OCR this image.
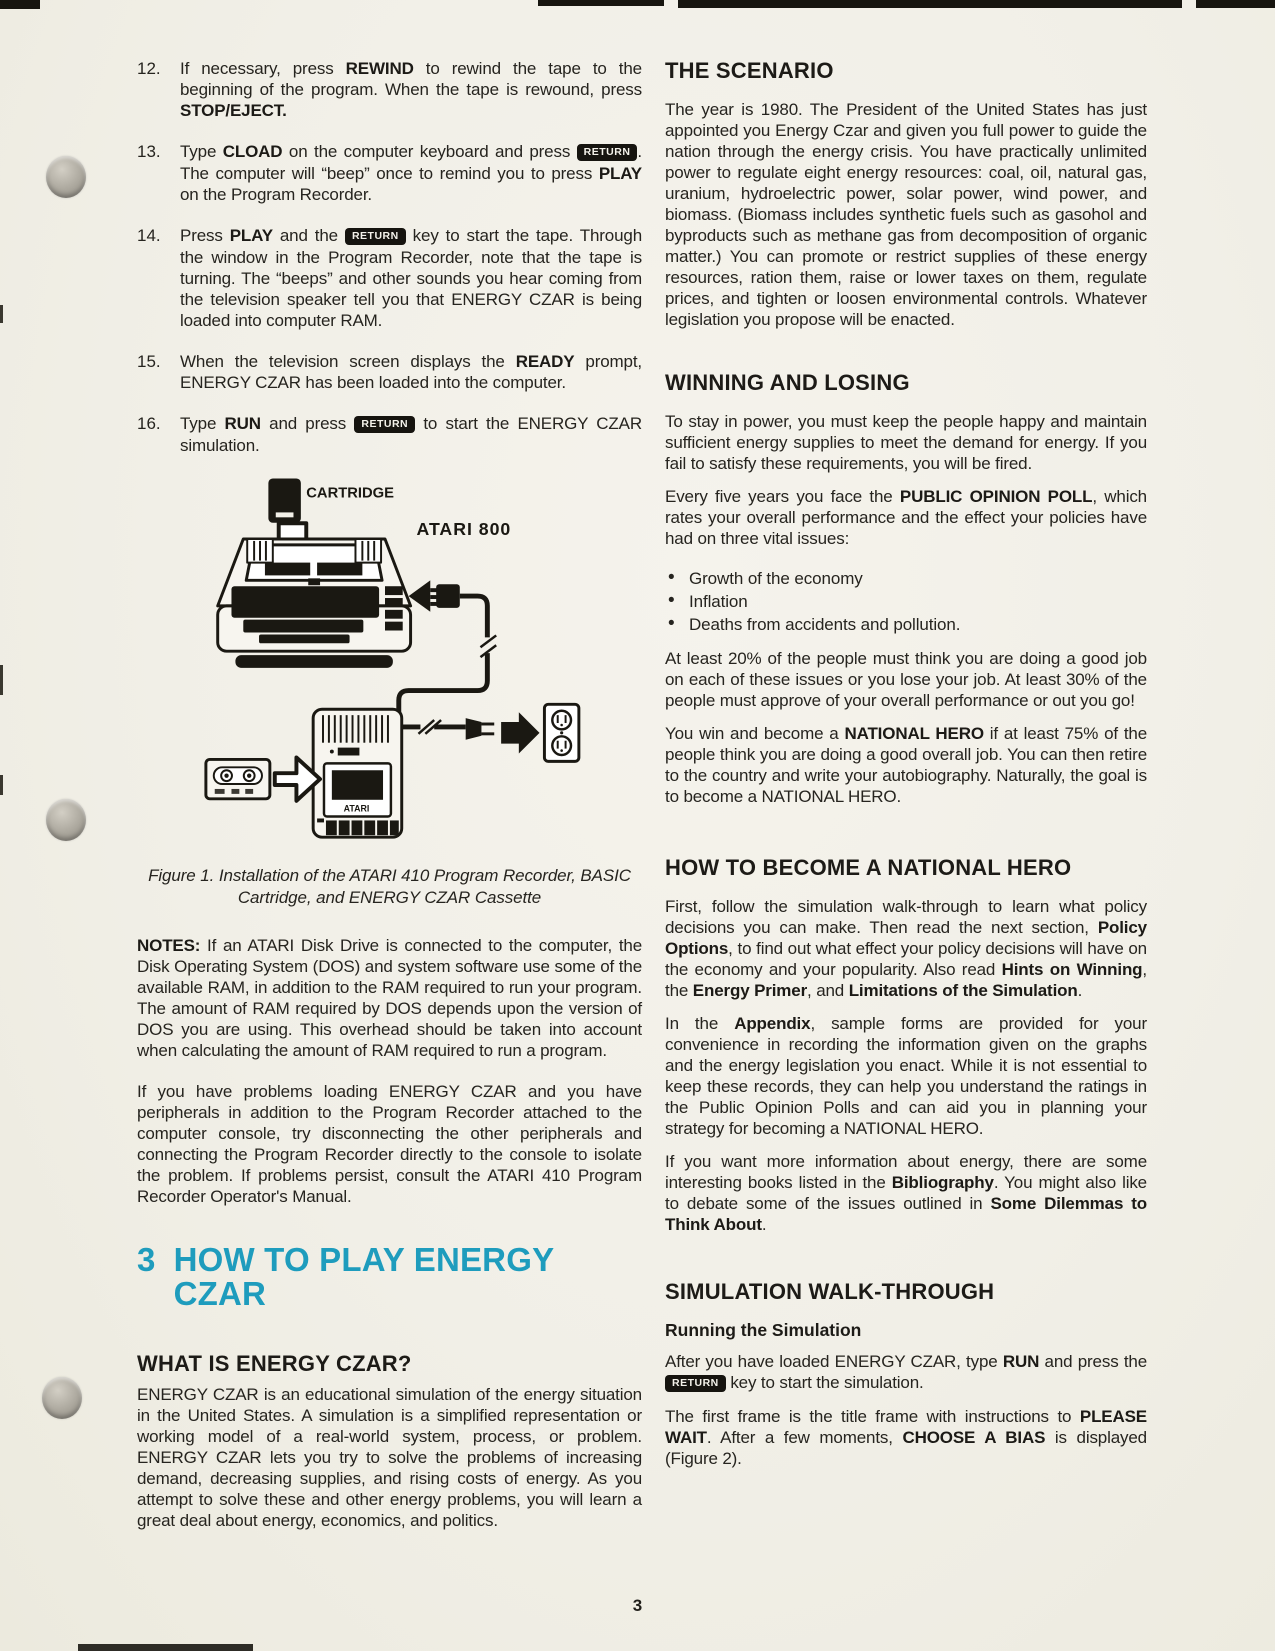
12.	If necessary, press REWIND to rewind the tape to the beginning of the program. When the tape is rewound, press STOP/EJECT.
13.	Type CLOAD on the computer keyboard and press RETURN . The computer will “beep” once to remind you to press PLAY on the Program Recorder.
14.	Press PLAY and the RETURN key to start the tape. Through the window in the Program Recorder, note that the tape is turning. The “beeps” and other sounds you hear coming from the television speaker tell you that ENERGY CZAR is being loaded into computer RAM.
15.	When the television screen displays the READY prompt, ENERGY CZAR has been loaded into the computer.
16.	Type RUN and press RETURN to start the ENERGY CZAR simulation.
ATARI
CARTRIDGE
ATARI 800

Figure 1. Installation of the ATARI 410 Program Recorder, BASIC Cartridge, and ENERGY CZAR Cassette

NOTES: If an ATARI Disk Drive is connected to the computer, the Disk Operating System (DOS) and system software use some of the available RAM, in addition to the RAM required to run your program. The amount of RAM required by DOS depends upon the version of DOS you are using. This overhead should be taken into account when calculating the amount of RAM required to run a program.

If you have problems loading ENERGY CZAR and you have peripherals in addition to the Program Recorder attached to the computer console, try disconnecting the other peripherals and connecting the Program Recorder directly to the console to isolate the problem. If problems persist, consult the ATARI 410 Program Recorder Operator's Manual.

3 HOW TO PLAY ENERGY CZAR
WHAT IS ENERGY CZAR?

ENERGY CZAR is an educational simulation of the energy situation in the United States. A simulation is a simplified representation or working model of a real-world system, process, or problem. ENERGY CZAR lets you try to solve the problems of increasing demand, decreasing supplies, and rising costs of energy. As you attempt to solve these and other energy problems, you will learn a great deal about energy, economics, and politics.

THE SCENARIO

The year is 1980. The President of the United States has just appointed you Energy Czar and given you full power to guide the nation through the energy crisis. You have practically unlimited power to regulate eight energy resources: coal, oil, natural gas, uranium, hydroelectric power, solar power, wind power, and biomass. (Biomass includes synthetic fuels such as gasohol and byproducts such as methane gas from decomposition of organic matter.) You can promote or restrict supplies of these energy resources, ration them, raise or lower taxes on them, regulate prices, and tighten or loosen environmental controls. Whatever legislation you propose will be enacted.

WINNING AND LOSING

To stay in power, you must keep the people happy and maintain sufficient energy supplies to meet the demand for energy. If you fail to satisfy these requirements, you will be fired.

Every five years you face the PUBLIC OPINION POLL, which rates your overall performance and the effect your policies have had on three vital issues:

• Growth of the economy
• Inflation
• Deaths from accidents and pollution.

At least 20% of the people must think you are doing a good job on each of these issues or you lose your job. At least 30% of the people must approve of your overall performance or out you go!

You win and become a NATIONAL HERO if at least 75% of the people think you are doing a good overall job. You can then retire to the country and write your autobiography. Naturally, the goal is to become a NATIONAL HERO.

HOW TO BECOME A NATIONAL HERO

First, follow the simulation walk-through to learn what policy decisions you can make. Then read the next section, Policy Options, to find out what effect your policy decisions will have on the economy and your popularity. Also read Hints on Winning, the Energy Primer, and Limitations of the Simulation.

In the Appendix, sample forms are provided for your convenience in recording the information given on the graphs and the energy legislation you enact. While it is not essential to keep these records, they can help you understand the ratings in the Public Opinion Polls and can aid you in planning your strategy for becoming a NATIONAL HERO.

If you want more information about energy, there are some interesting books listed in the Bibliography. You might also like to debate some of the issues outlined in Some Dilemmas to Think About.

SIMULATION WALK-THROUGH
Running the Simulation

After you have loaded ENERGY CZAR, type RUN and press the RETURN key to start the simulation.

The first frame is the title frame with instructions to PLEASE WAIT. After a few moments, CHOOSE A BIAS is displayed (Figure 2).

3
